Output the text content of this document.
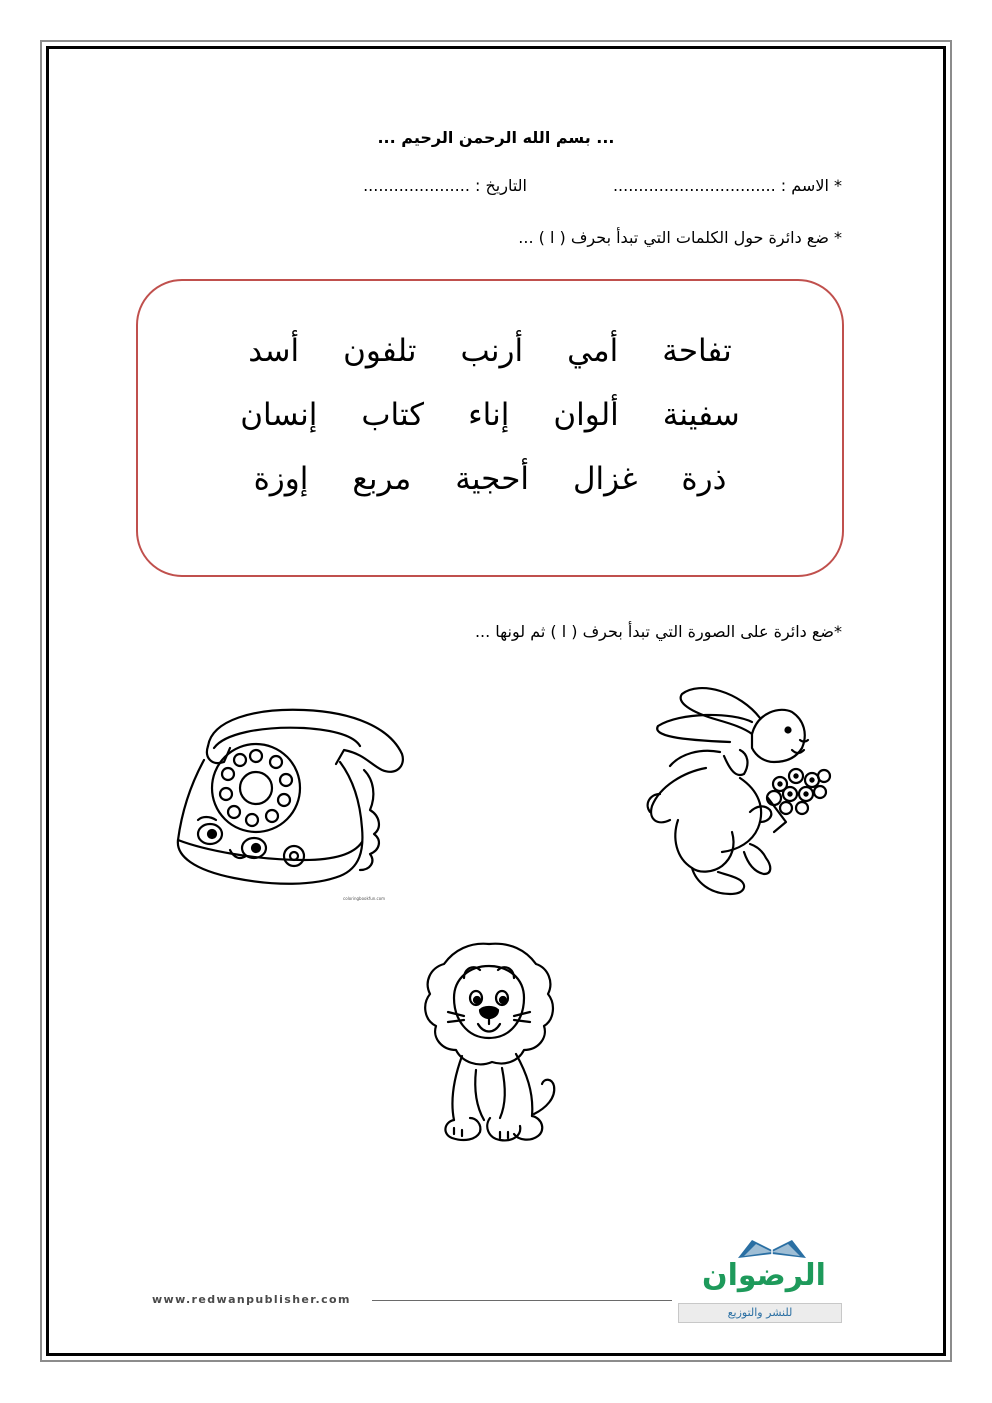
... بسم الله الرحمن الرحيم ...
* الاسم : ................................
التاريخ : .....................
* ضع دائرة حول الكلمات التي تبدأ بحرف ( ا ) ...
أسد تلفون أرنب أمي تفاحة
إنسان كتاب إناء ألوان سفينة
إوزة مربع أحجية غزال ذرة
*ضع دائرة على الصورة التي تبدأ بحرف ( ا ) ثم لونها ...
coloringbookfun.com
www.redwanpublisher.com
الرضوان
للنشر والتوزيع
